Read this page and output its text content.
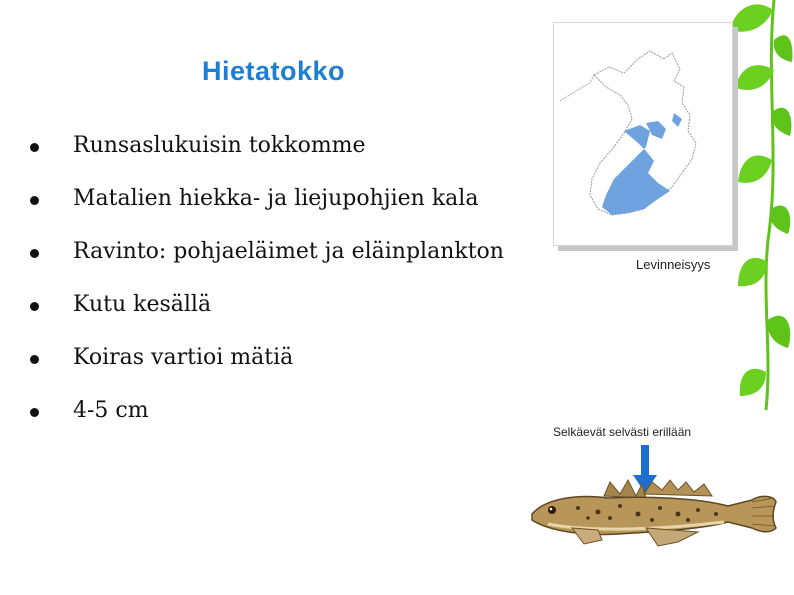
Hietatokko
Runsaslukuisin tokkomme
Matalien hiekka- ja liejupohjien kala
Ravinto: pohjaeläimet ja eläinplankton
Kutu kesällä
Koiras vartioi mätiä
4-5 cm
Levinneisyys
Selkäevät selvästi erillään
